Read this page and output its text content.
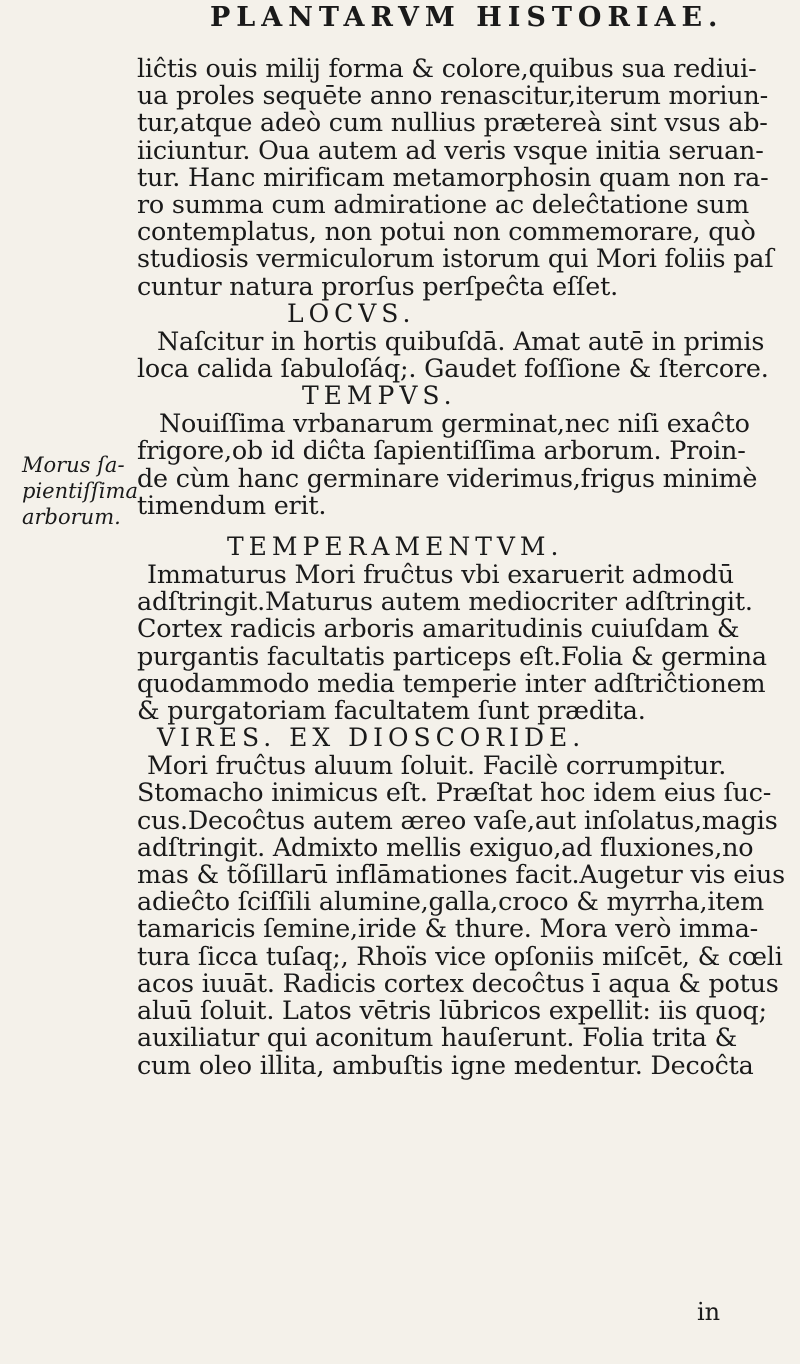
PLANTARVM HISTORIAE.
Morus ſa-
pientiſſima
arborum.
liĉtis ouis milij forma & colore,quibus sua rediui-
ua proles sequēte anno renascitur,iterum moriun-
tur,atque adeò cum nullius prætereà sint vsus ab-
iiciuntur. Oua autem ad veris vsque initia seruan-
tur. Hanc mirificam metamorphosin quam non ra-
ro summa cum admiratione ac deleĉtatione sum
contemplatus, non potui non commemorare, quò
studiosis vermiculorum istorum qui Mori foliis paſ
cuntur natura prorſus perſpeĉta eſſet.
LOCVS.
Naſcitur in hortis quibuſdā. Amat autē in primis
loca calida ſabuloſáq;. Gaudet foſſione & ſtercore.
TEMPVS.
Nouiſſima vrbanarum germinat,nec niſi exaĉto
frigore,ob id diĉta ſapientiſſima arborum. Proin-
de cùm hanc germinare viderimus,frigus minimè
timendum erit.
TEMPERAMENTVM.
Immaturus Mori fruĉtus vbi exaruerit admodū
adſtringit.Maturus autem mediocriter adſtringit.
Cortex radicis arboris amaritudinis cuiuſdam &
purgantis facultatis particeps eſt.Folia & germina
quodammodo media temperie inter adſtriĉtionem
& purgatoriam facultatem ſunt prædita.
VIRES. EX DIOSCORIDE.
Mori fruĉtus aluum ſoluit. Facilè corrumpitur.
Stomacho inimicus eſt. Præſtat hoc idem eius ſuc-
cus.Decoĉtus autem æreo vaſe,aut inſolatus,magis
adſtringit. Admixto mellis exiguo,ad fluxiones,no
mas & tõſillarū inflāmationes facit.Augetur vis eius
adieĉto ſciſſili alumine,galla,croco & myrrha,item
tamaricis ſemine,iride & thure. Mora verò imma-
tura ſicca tuſaq;, Rhoïs vice opſoniis miſcēt, & cœli
acos iuuāt. Radicis cortex decoĉtus ī aqua & potus
aluū ſoluit. Latos vētris lūbricos expellit: iis quoq;
auxiliatur qui aconitum hauſerunt. Folia trita &
cum oleo illita, ambuſtis igne medentur. Decoĉta
in
